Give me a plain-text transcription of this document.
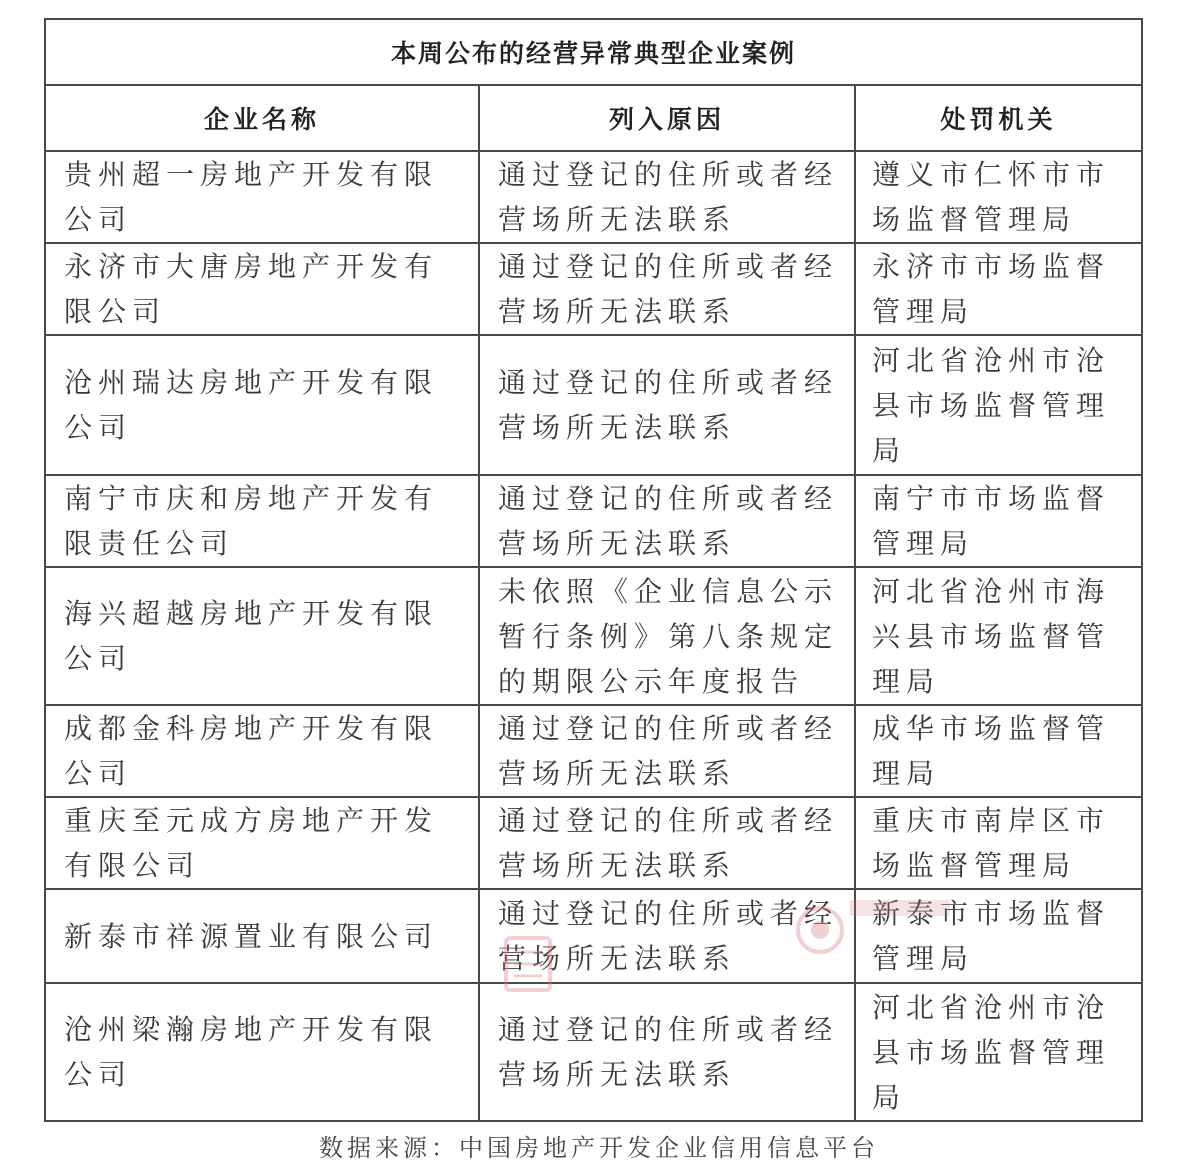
本周公布的经营异常典型企业案例		
企业名称	列入原因	处罚机关

贵州超一房地产开发有限公司	通过登记的住所或者经营场所无法联系	遵义市仁怀市市场监督管理局

永济市大唐房地产开发有限公司	通过登记的住所或者经营场所无法联系	永济市市场监督管理局

沧州瑞达房地产开发有限公司	通过登记的住所或者经营场所无法联系	河北省沧州市沧县市场监督管理局

南宁市庆和房地产开发有限责任公司	通过登记的住所或者经营场所无法联系	南宁市市场监督管理局

海兴超越房地产开发有限公司	未依照《企业信息公示暂行条例》第八条规定的期限公示年度报告	河北省沧州市海兴县市场监督管理局

成都金科房地产开发有限公司	通过登记的住所或者经营场所无法联系	成华市场监督管理局

重庆至元成方房地产开发有限公司	通过登记的住所或者经营场所无法联系	重庆市南岸区市场监督管理局

新泰市祥源置业有限公司	通过登记的住所或者经营场所无法联系	新泰市市场监督管理局

沧州梁瀚房地产开发有限公司	通过登记的住所或者经营场所无法联系	河北省沧州市沧县市场监督管理局
数据来源：中国房地产开发企业信用信息平台
